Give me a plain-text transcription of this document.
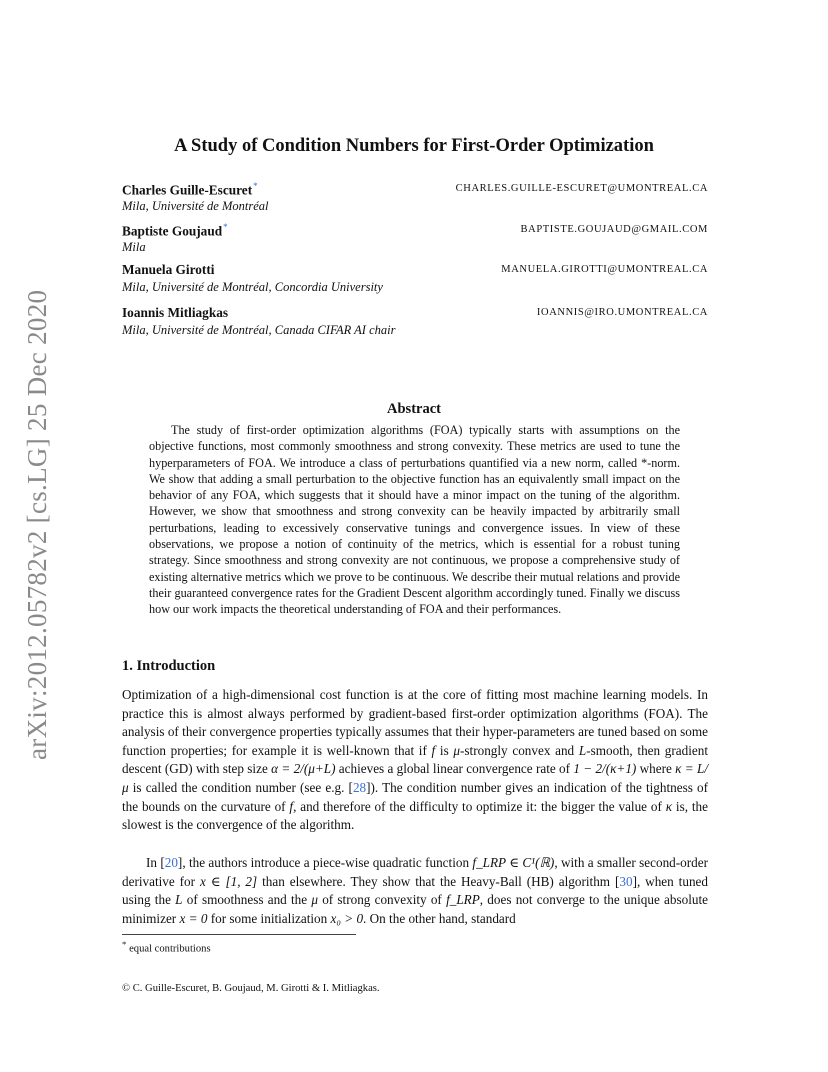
arXiv:2012.05782v2 [cs.LG] 25 Dec 2020
A Study of Condition Numbers for First-Order Optimization
Charles Guille-Escuret*	CHARLES.GUILLE-ESCURET@UMONTREAL.CA
Mila, Université de Montréal
Baptiste Goujaud*	BAPTISTE.GOUJAUD@GMAIL.COM
Mila
Manuela Girotti	MANUELA.GIROTTI@UMONTREAL.CA
Mila, Université de Montréal, Concordia University
Ioannis Mitliagkas	IOANNIS@IRO.UMONTREAL.CA
Mila, Université de Montréal, Canada CIFAR AI chair
Abstract
The study of first-order optimization algorithms (FOA) typically starts with assumptions on the objective functions, most commonly smoothness and strong convexity. These metrics are used to tune the hyperparameters of FOA. We introduce a class of perturbations quantified via a new norm, called *-norm. We show that adding a small perturbation to the objective function has an equivalently small impact on the behavior of any FOA, which suggests that it should have a minor impact on the tuning of the algorithm. However, we show that smoothness and strong convexity can be heavily impacted by arbitrarily small perturbations, leading to excessively conservative tunings and convergence issues. In view of these observations, we propose a notion of continuity of the metrics, which is essential for a robust tuning strategy. Since smoothness and strong convexity are not continuous, we propose a comprehensive study of existing alternative metrics which we prove to be continuous. We describe their mutual relations and provide their guaranteed convergence rates for the Gradient Descent algorithm accordingly tuned. Finally we discuss how our work impacts the theoretical understanding of FOA and their performances.
1. Introduction
Optimization of a high-dimensional cost function is at the core of fitting most machine learning models. In practice this is almost always performed by gradient-based first-order optimization algorithms (FOA). The analysis of their convergence properties typically assumes that their hyper-parameters are tuned based on some function properties; for example it is well-known that if f is μ-strongly convex and L-smooth, then gradient descent (GD) with step size α = 2/(μ+L) achieves a global linear convergence rate of 1 − 2/(κ+1) where κ = L/μ is called the condition number (see e.g. [28]). The condition number gives an indication of the tightness of the bounds on the curvature of f, and therefore of the difficulty to optimize it: the bigger the value of κ is, the slowest is the convergence of the algorithm.
In [20], the authors introduce a piece-wise quadratic function f_LRP ∈ C¹(ℝ), with a smaller second-order derivative for x ∈ [1, 2] than elsewhere. They show that the Heavy-Ball (HB) algorithm [30], when tuned using the L of smoothness and the μ of strong convexity of f_LRP, does not converge to the unique absolute minimizer x = 0 for some initialization x₀ > 0. On the other hand, standard
* equal contributions
© C. Guille-Escuret, B. Goujaud, M. Girotti & I. Mitliagkas.
